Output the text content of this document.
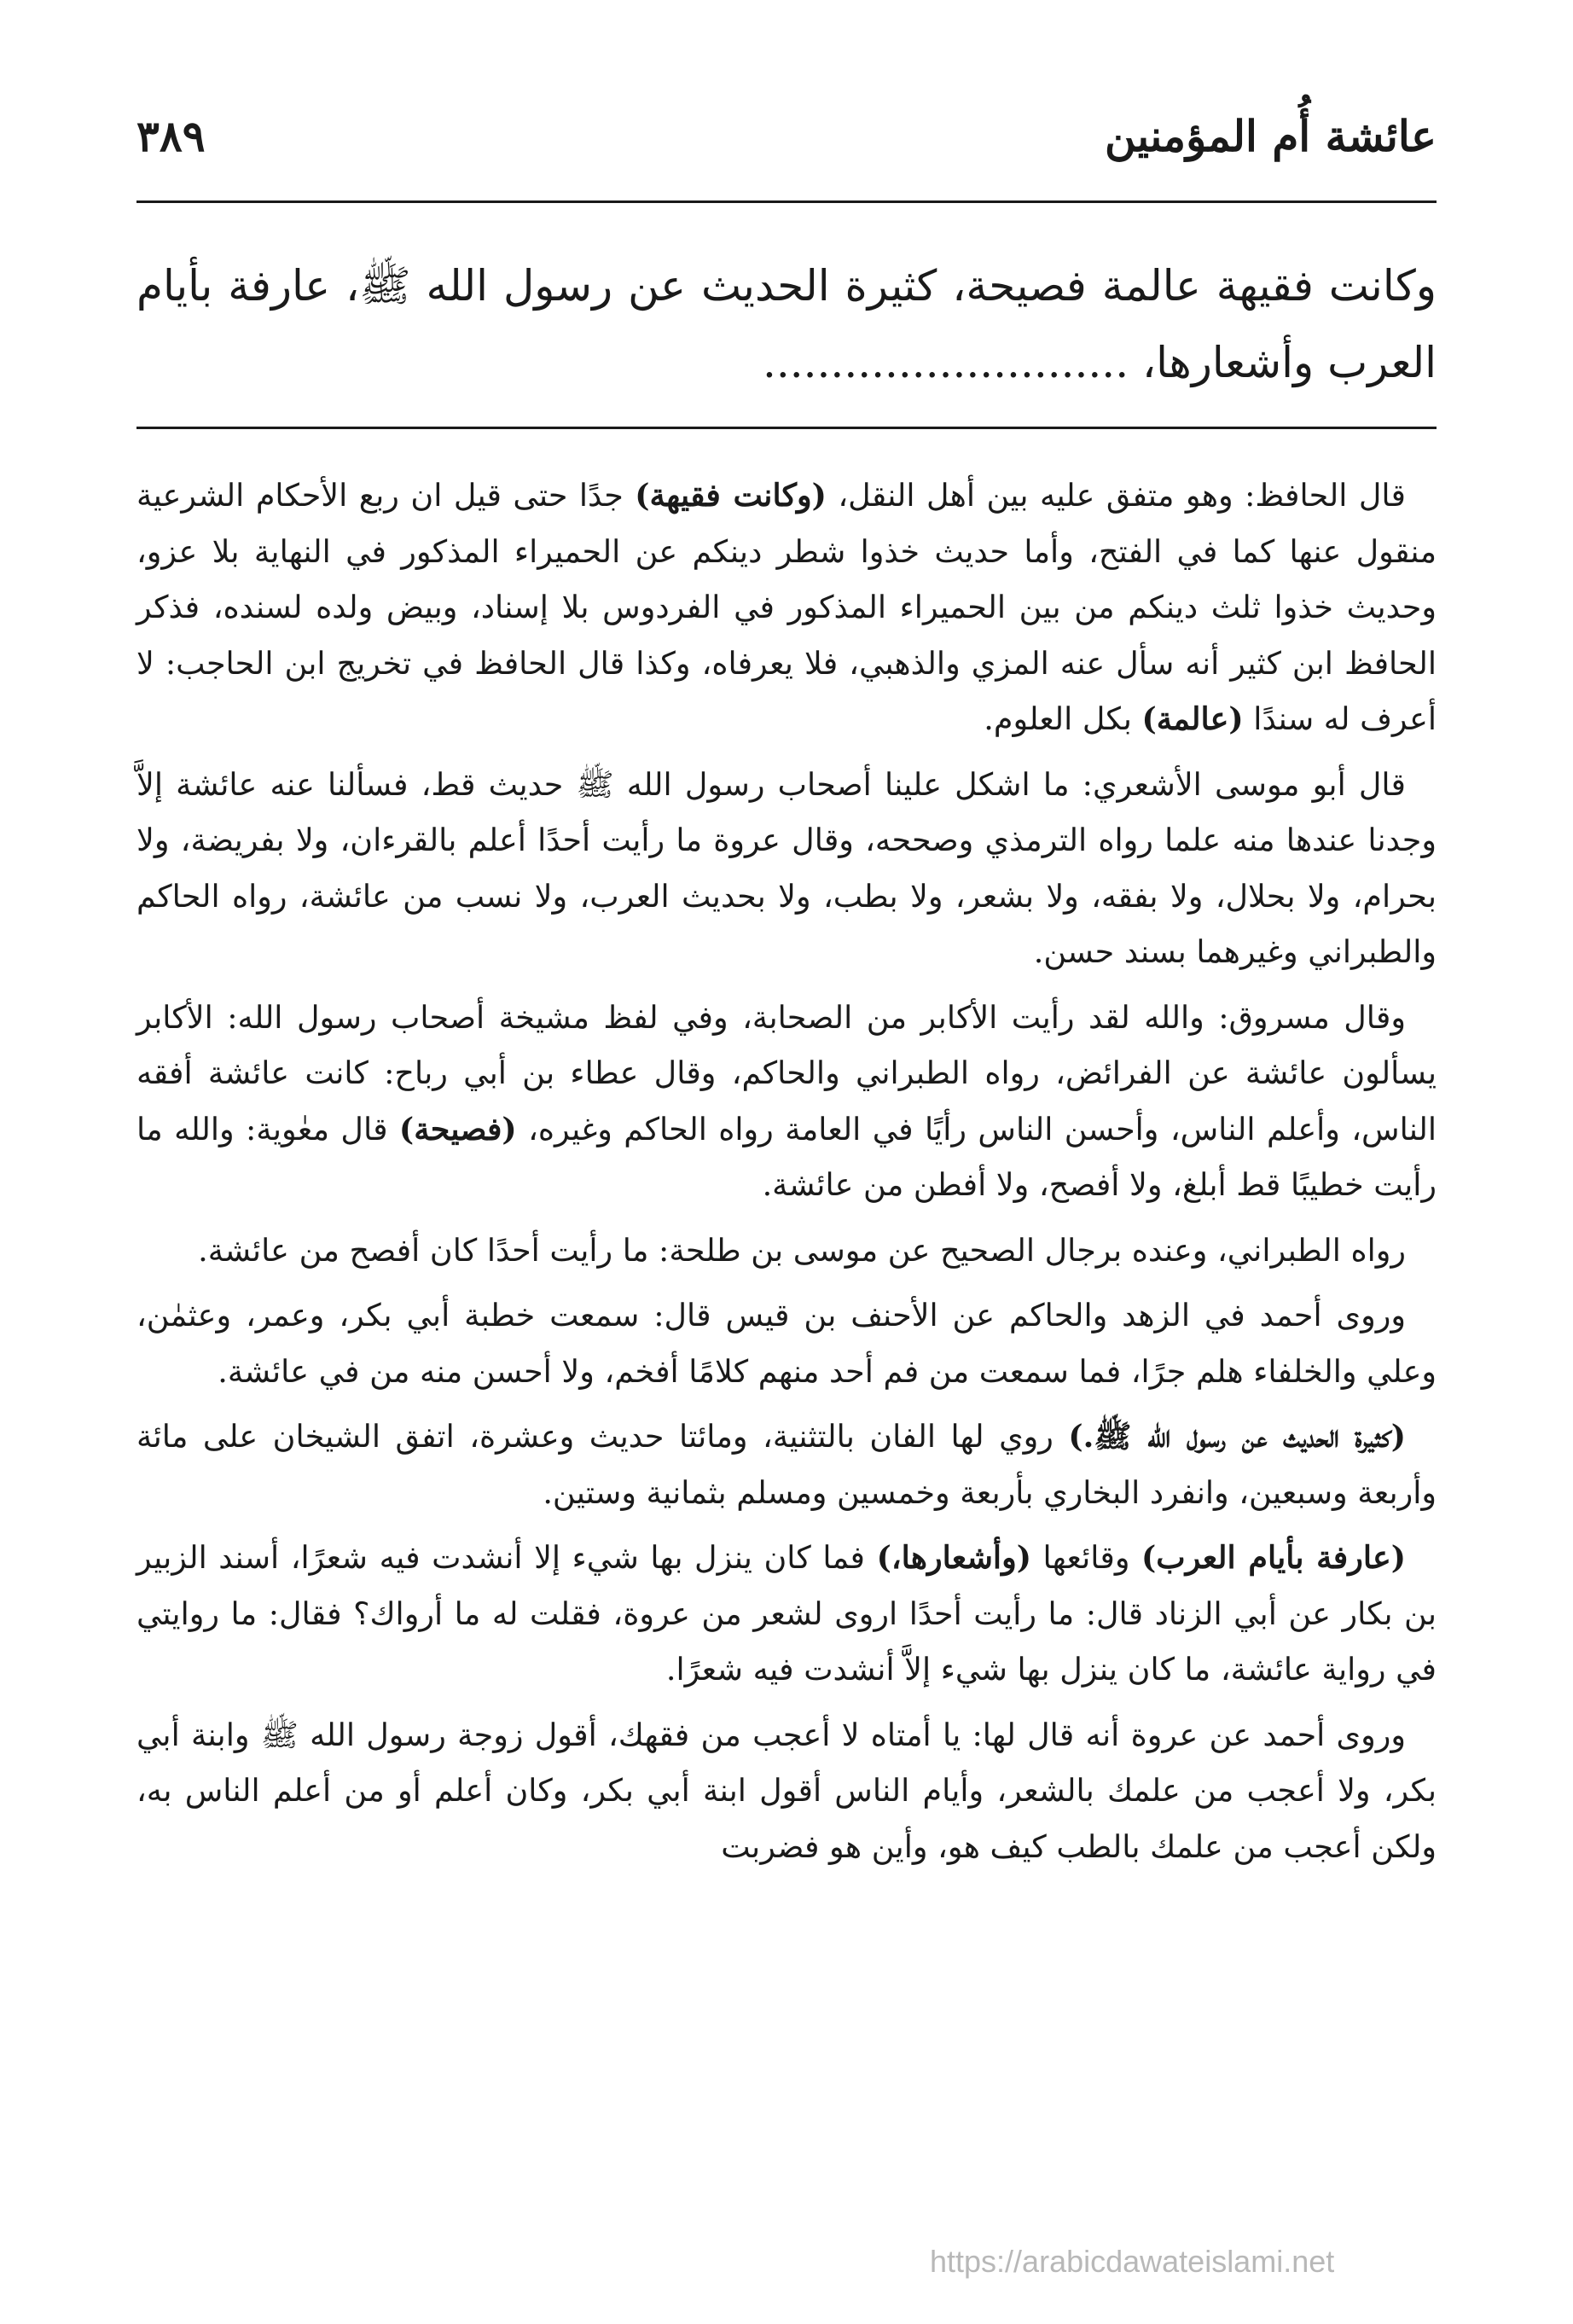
عائشة أُم المؤمنين
٣٨٩
وكانت فقيهة عالمة فصيحة، كثيرة الحديث عن رسول الله ﷺ، عارفة بأيام العرب وأشعارها، ...........................

قال الحافظ: وهو متفق عليه بين أهل النقل، (وكانت فقيهة) جدًا حتى قيل ان ربع الأحكام الشرعية منقول عنها كما في الفتح، وأما حديث خذوا شطر دينكم عن الحميراء المذكور في النهاية بلا عزو، وحديث خذوا ثلث دينكم من بين الحميراء المذكور في الفردوس بلا إسناد، وبيض ولده لسنده، فذكر الحافظ ابن كثير أنه سأل عنه المزي والذهبي، فلا يعرفاه، وكذا قال الحافظ في تخريج ابن الحاجب: لا أعرف له سندًا (عالمة) بكل العلوم.

قال أبو موسى الأشعري: ما اشكل علينا أصحاب رسول الله ﷺ حديث قط، فسألنا عنه عائشة إلاَّ وجدنا عندها منه علما رواه الترمذي وصححه، وقال عروة ما رأيت أحدًا أعلم بالقرءان، ولا بفريضة، ولا بحرام، ولا بحلال، ولا بفقه، ولا بشعر، ولا بطب، ولا بحديث العرب، ولا نسب من عائشة، رواه الحاكم والطبراني وغيرهما بسند حسن.

وقال مسروق: والله لقد رأيت الأكابر من الصحابة، وفي لفظ مشيخة أصحاب رسول الله: الأكابر يسألون عائشة عن الفرائض، رواه الطبراني والحاكم، وقال عطاء بن أبي رباح: كانت عائشة أفقه الناس، وأعلم الناس، وأحسن الناس رأيًا في العامة رواه الحاكم وغيره، (فصيحة) قال معٰوية: والله ما رأيت خطيبًا قط أبلغ، ولا أفصح، ولا أفطن من عائشة.

رواه الطبراني، وعنده برجال الصحيح عن موسى بن طلحة: ما رأيت أحدًا كان أفصح من عائشة.

وروى أحمد في الزهد والحاكم عن الأحنف بن قيس قال: سمعت خطبة أبي بكر، وعمر، وعثمٰن، وعلي والخلفاء هلم جرًا، فما سمعت من فم أحد منهم كلامًا أفخم، ولا أحسن منه من في عائشة.

(كثيرة الحديث عن رسول الله ﷺ.) روي لها الفان بالتثنية، ومائتا حديث وعشرة، اتفق الشيخان على مائة وأربعة وسبعين، وانفرد البخاري بأربعة وخمسين ومسلم بثمانية وستين.

(عارفة بأيام العرب) وقائعها (وأشعارها،) فما كان ينزل بها شيء إلا أنشدت فيه شعرًا، أسند الزبير بن بكار عن أبي الزناد قال: ما رأيت أحدًا اروى لشعر من عروة، فقلت له ما أرواك؟ فقال: ما روايتي في رواية عائشة، ما كان ينزل بها شيء إلاَّ أنشدت فيه شعرًا.

وروى أحمد عن عروة أنه قال لها: يا أمتاه لا أعجب من فقهك، أقول زوجة رسول الله ﷺ وابنة أبي بكر، ولا أعجب من علمك بالشعر، وأيام الناس أقول ابنة أبي بكر، وكان أعلم أو من أعلم الناس به، ولكن أعجب من علمك بالطب كيف هو، وأين هو فضربت

https://arabicdawateislami.net
